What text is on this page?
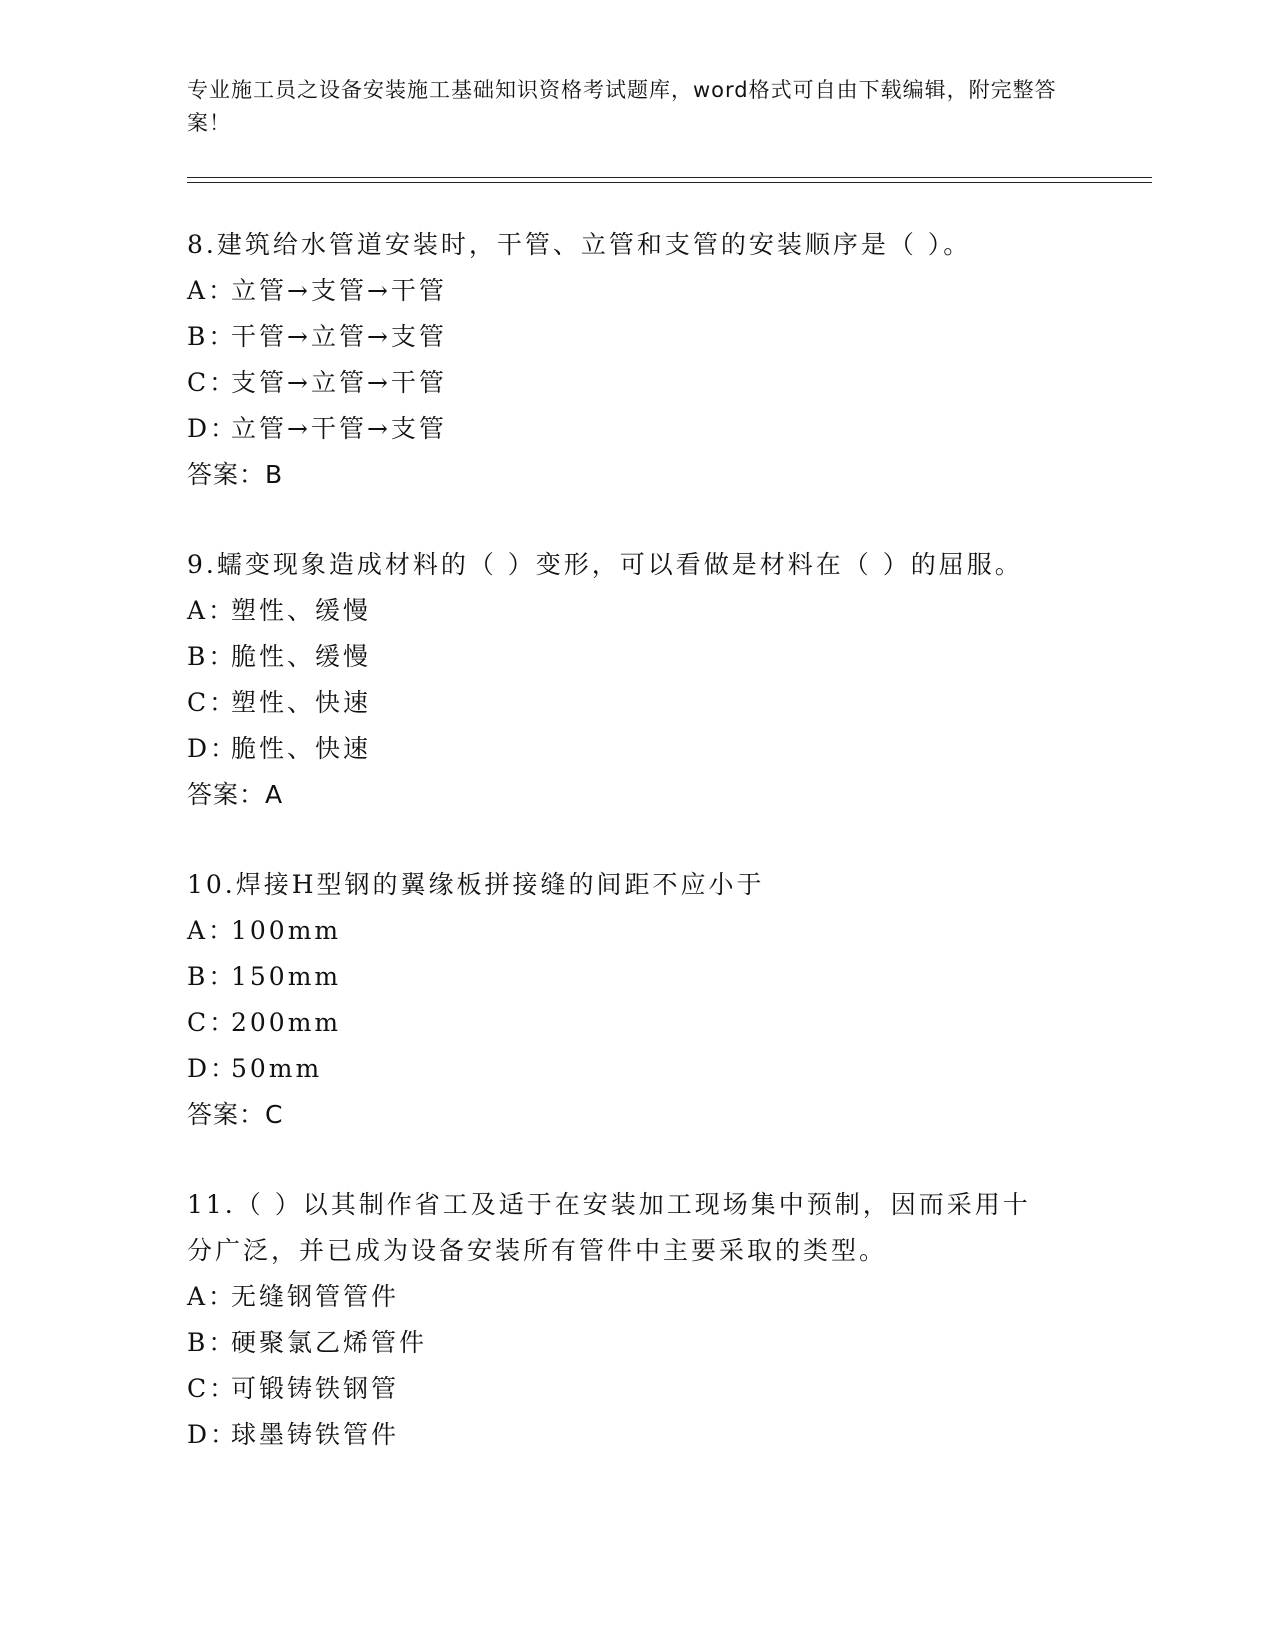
专业施工员之设备安装施工基础知识资格考试题库，word格式可自由下载编辑，附完整答案！
8.建筑给水管道安装时，干管、立管和支管的安装顺序是（ ）。
A：立管→支管→干管
B：干管→立管→支管
C：支管→立管→干管
D：立管→干管→支管
答案：B
9.蠕变现象造成材料的（ ）变形，可以看做是材料在（ ）的屈服。
A：塑性、缓慢
B：脆性、缓慢
C：塑性、快速
D：脆性、快速
答案：A
10.焊接H型钢的翼缘板拼接缝的间距不应小于
A：100mm
B：150mm
C：200mm
D：50mm
答案：C
11.（ ）以其制作省工及适于在安装加工现场集中预制，因而采用十分广泛，并已成为设备安装所有管件中主要采取的类型。
A：无缝钢管管件
B：硬聚氯乙烯管件
C：可锻铸铁钢管
D：球墨铸铁管件
